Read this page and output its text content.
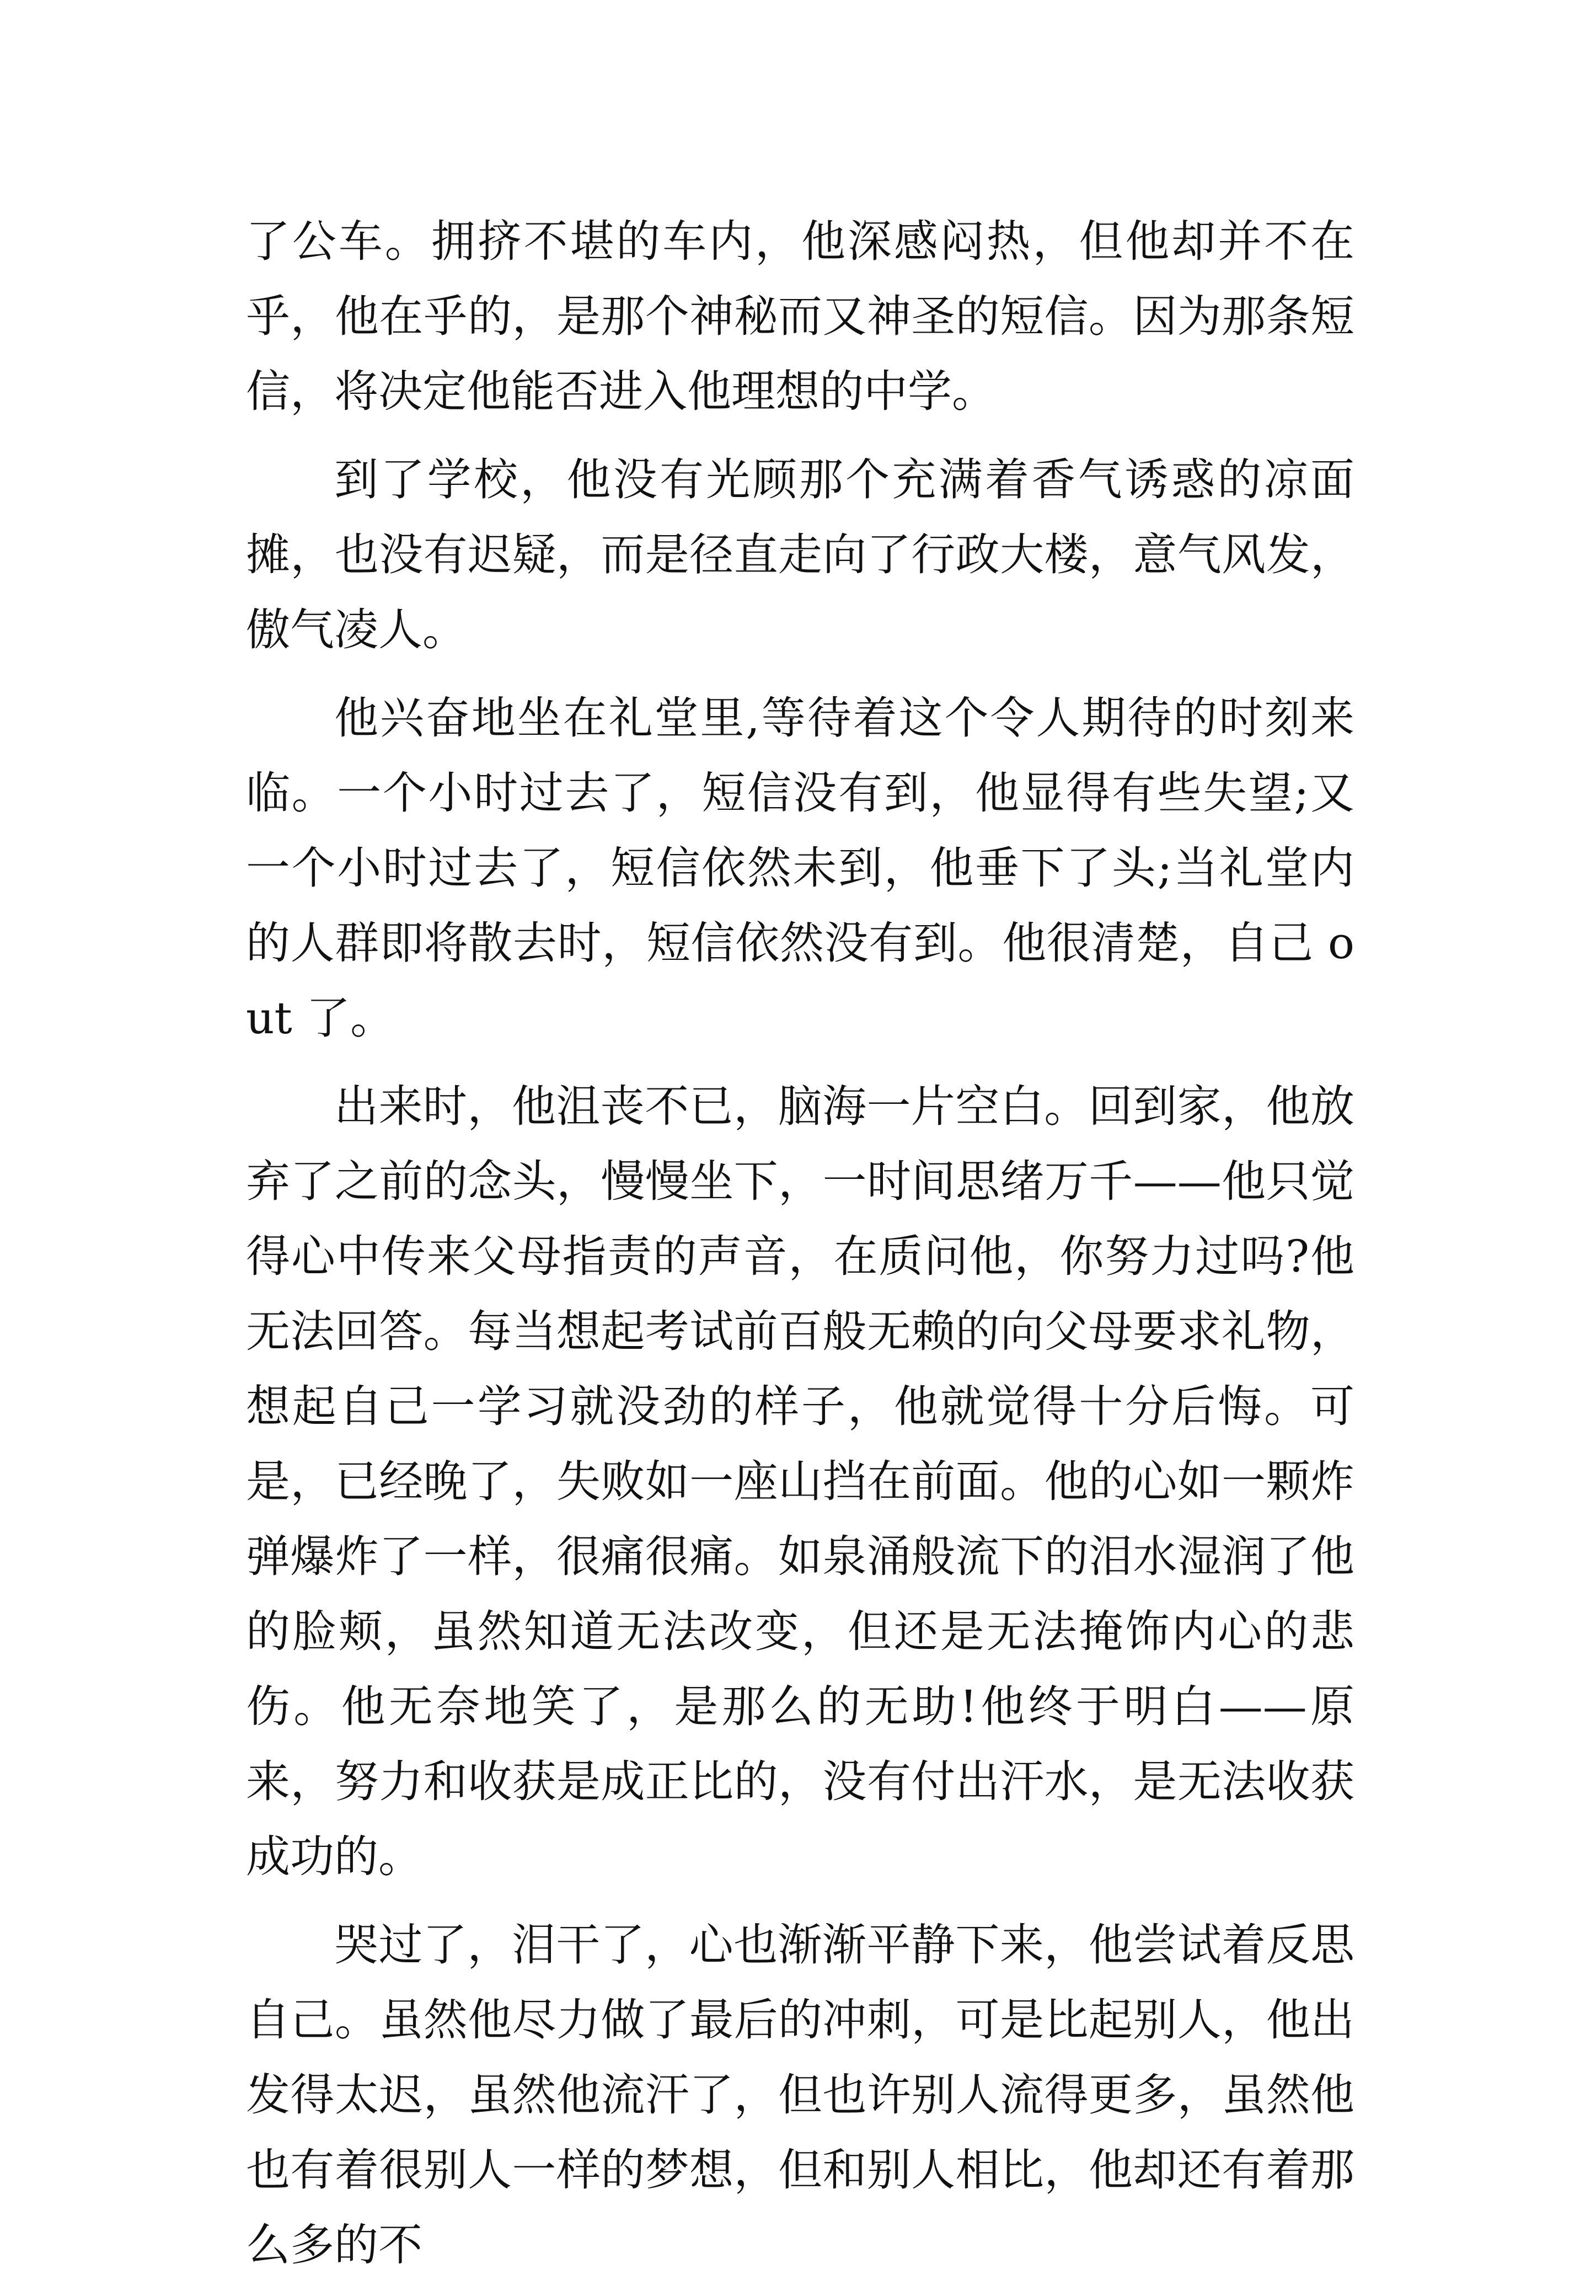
了公车。拥挤不堪的车内，他深感闷热，但他却并不在乎，他在乎的，是那个神秘而又神圣的短信。因为那条短信，将决定他能否进入他理想的中学。

到了学校，他没有光顾那个充满着香气诱惑的凉面摊，也没有迟疑，而是径直走向了行政大楼，意气风发，傲气凌人。

他兴奋地坐在礼堂里,等待着这个令人期待的时刻来临。一个小时过去了，短信没有到，他显得有些失望;又一个小时过去了，短信依然未到，他垂下了头;当礼堂内的人群即将散去时，短信依然没有到。他很清楚，自己 out 了。

出来时，他沮丧不已，脑海一片空白。回到家，他放弃了之前的念头，慢慢坐下，一时间思绪万千——他只觉得心中传来父母指责的声音，在质问他，你努力过吗?他无法回答。每当想起考试前百般无赖的向父母要求礼物，想起自己一学习就没劲的样子，他就觉得十分后悔。可是，已经晚了，失败如一座山挡在前面。他的心如一颗炸弹爆炸了一样，很痛很痛。如泉涌般流下的泪水湿润了他的脸颊，虽然知道无法改变，但还是无法掩饰内心的悲伤。他无奈地笑了，是那么的无助!他终于明白——原来，努力和收获是成正比的，没有付出汗水，是无法收获成功的。

哭过了，泪干了，心也渐渐平静下来，他尝试着反思自己。虽然他尽力做了最后的冲刺，可是比起别人，他出发得太迟，虽然他流汗了，但也许别人流得更多，虽然他也有着很别人一样的梦想，但和别人相比，他却还有着那么多的不
